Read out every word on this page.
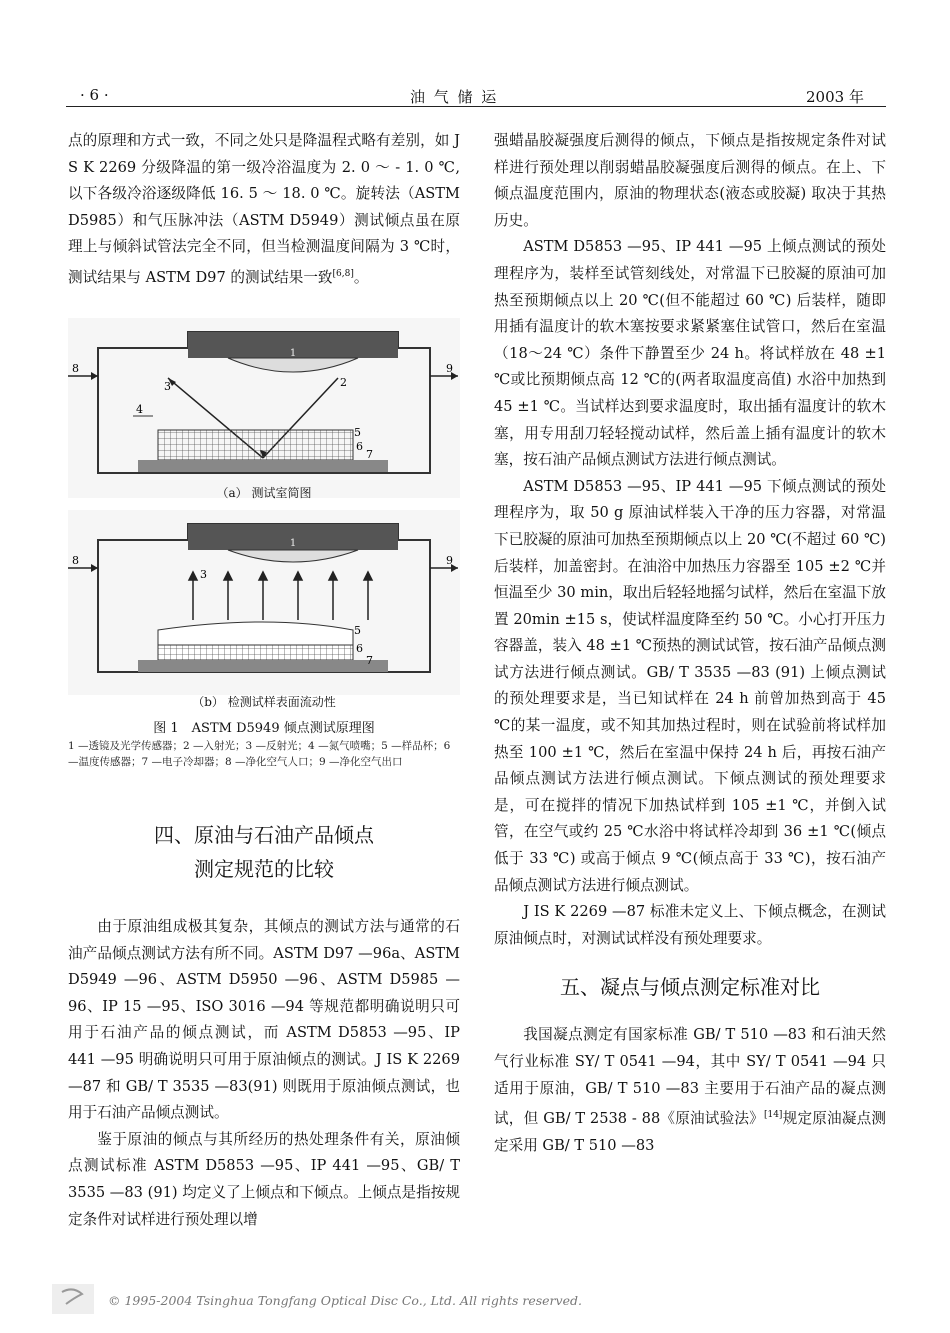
· 6 ·	油 气 储 运	2003 年

点的原理和方式一致，不同之处只是降温程式略有差别，如 J S K 2269 分级降温的第一级冷浴温度为 2. 0 ～ - 1. 0 ℃,以下各级冷浴逐级降低 16. 5 ～ 18. 0 ℃。旋转法（ASTM D5985）和气压脉冲法（ASTM D5949）测试倾点虽在原理上与倾斜试管法完全不同，但当检测温度间隔为 3 ℃时，测试结果与 ASTM D97 的测试结果一致[6,8]。

1
2
3
4
5
6
7
8	9
（a） 测试室简图
1
3
5
6
7
8	9
（b） 检测试样表面流动性
图 1　ASTM D5949 倾点测试原理图
1 —透镜及光学传感器；2 —入射光；3 —反射光；4 —氮气喷嘴；5 —样品杯；6 —温度传感器；7 —电子冷却器；8 —净化空气人口；9 —净化空气出口
四、原油与石油产品倾点
测定规范的比较

由于原油组成极其复杂，其倾点的测试方法与通常的石油产品倾点测试方法有所不同。ASTM D97 —96a、ASTM D5949 —96、ASTM D5950 —96、ASTM D5985 —96、IP 15 —95、ISO 3016 —94 等规范都明确说明只可用于石油产品的倾点测试，而 ASTM D5853 —95、IP 441 —95 明确说明只可用于原油倾点的测试。J IS K 2269 —87 和 GB/ T 3535 —83(91) 则既用于原油倾点测试，也用于石油产品倾点测试。

鉴于原油的倾点与其所经历的热处理条件有关，原油倾点测试标准 ASTM D5853 —95、IP 441 —95、GB/ T 3535 —83 (91) 均定义了上倾点和下倾点。上倾点是指按规定条件对试样进行预处理以增

强蜡晶胶凝强度后测得的倾点，下倾点是指按规定条件对试样进行预处理以削弱蜡晶胶凝强度后测得的倾点。在上、下倾点温度范围内，原油的物理状态(液态或胶凝) 取决于其热历史。

ASTM D5853 —95、IP 441 —95 上倾点测试的预处理程序为，装样至试管刻线处，对常温下已胶凝的原油可加热至预期倾点以上 20 ℃(但不能超过 60 ℃) 后装样，随即用插有温度计的软木塞按要求紧紧塞住试管口，然后在室温（18～24 ℃）条件下静置至少 24 h。将试样放在 48 ±1 ℃或比预期倾点高 12 ℃的(两者取温度高值) 水浴中加热到 45 ±1 ℃。当试样达到要求温度时，取出插有温度计的软木塞，用专用刮刀轻轻搅动试样，然后盖上插有温度计的软木塞，按石油产品倾点测试方法进行倾点测试。

ASTM D5853 —95、IP 441 —95 下倾点测试的预处理程序为，取 50 g 原油试样装入干净的压力容器，对常温下已胶凝的原油可加热至预期倾点以上 20 ℃(不超过 60 ℃) 后装样，加盖密封。在油浴中加热压力容器至 105 ±2 ℃并恒温至少 30 min，取出后轻轻地摇匀试样，然后在室温下放置 20min ±15 s，使试样温度降至约 50 ℃。小心打开压力容器盖，装入 48 ±1 ℃预热的测试试管，按石油产品倾点测试方法进行倾点测试。GB/ T 3535 —83 (91) 上倾点测试的预处理要求是，当已知试样在 24 h 前曾加热到高于 45 ℃的某一温度，或不知其加热过程时，则在试验前将试样加热至 100 ±1 ℃，然后在室温中保持 24 h 后，再按石油产品倾点测试方法进行倾点测试。下倾点测试的预处理要求是，可在搅拌的情况下加热试样到 105 ±1 ℃，并倒入试管，在空气或约 25 ℃水浴中将试样冷却到 36 ±1 ℃(倾点低于 33 ℃) 或高于倾点 9 ℃(倾点高于 33 ℃)，按石油产品倾点测试方法进行倾点测试。

J IS K 2269 —87 标准未定义上、下倾点概念，在测试原油倾点时，对测试试样没有预处理要求。

五、凝点与倾点测定标准对比

我国凝点测定有国家标准 GB/ T 510 —83 和石油天然气行业标准 SY/ T 0541 —94，其中 SY/ T 0541 —94 只适用于原油，GB/ T 510 —83 主要用于石油产品的凝点测试，但 GB/ T 2538 - 88《原油试验法》[14]规定原油凝点测定采用 GB/ T 510 —83

© 1995-2004 Tsinghua Tongfang Optical Disc Co., Ltd. All rights reserved.
